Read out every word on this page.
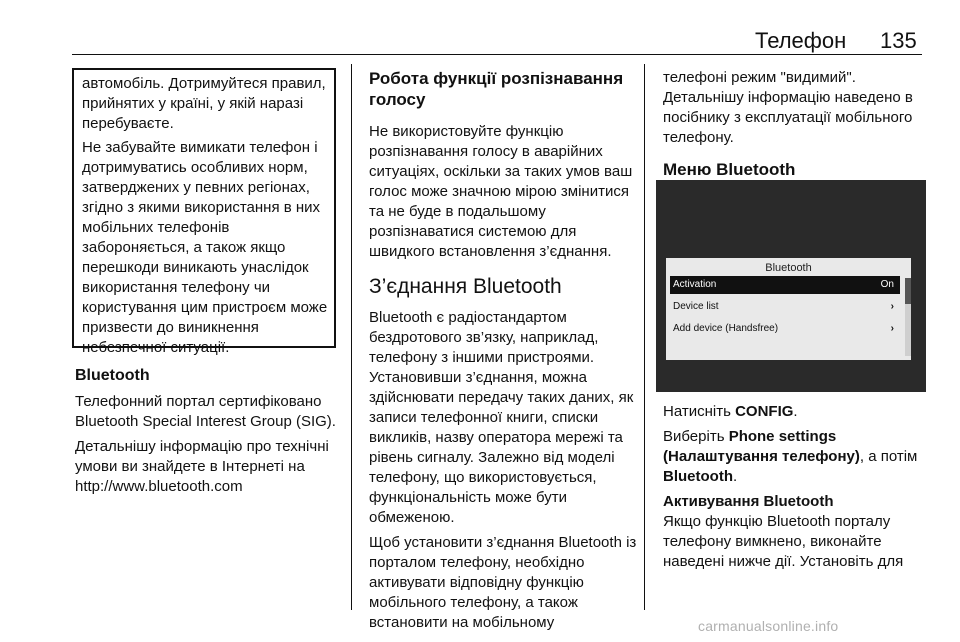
Телефон 135

автомобіль. Дотримуйтеся правил, прийнятих у країні, у якій наразі перебуваєте.

Не забувайте вимикати телефон і дотримуватись особливих норм, затверджених у певних регіонах, згідно з якими використання в них мобільних телефонів забороняється, а також якщо перешкоди виникають унаслідок використання телефону чи користування цим пристроєм може призвести до виникнення небезпечної ситуації.

Bluetooth

Телефонний портал сертифіковано Bluetooth Special Interest Group (SIG).

Детальнішу інформацію про технічні умови ви знайдете в Інтернеті на http://www.bluetooth.com

Робота функції розпізнавання голосу

Не використовуйте функцію розпізнавання голосу в аварійних ситуаціях, оскільки за таких умов ваш голос може значною мірою змінитися та не буде в подальшому розпізнаватися системою для швидкого встановлення з’єднання.

З’єднання Bluetooth

Bluetooth є радіостандартом бездротового зв’язку, наприклад, телефону з іншими пристроями. Установивши з’єднання, можна здійснювати передачу таких даних, як записи телефонної книги, списки викликів, назву оператора мережі та рівень сигналу. Залежно від моделі телефону, що використовується, функціональність може бути обмеженою.

Щоб установити з’єднання Bluetooth із порталом телефону, необхідно активувати відповідну функцію мобільного телефону, а також встановити на мобільному

телефоні режим "видимий". Детальнішу інформацію наведено в посібнику з експлуатації мобільного телефону.

Меню Bluetooth
Bluetooth
Activation	On
Device list	›
Add device (Handsfree)	›

Натисніть CONFIG.

Виберіть Phone settings (Налаштування телефону), а потім Bluetooth.

Активування Bluetooth

Якщо функцію Bluetooth порталу телефону вимкнено, виконайте наведені нижче дії. Установіть для

carmanualsonline.info
